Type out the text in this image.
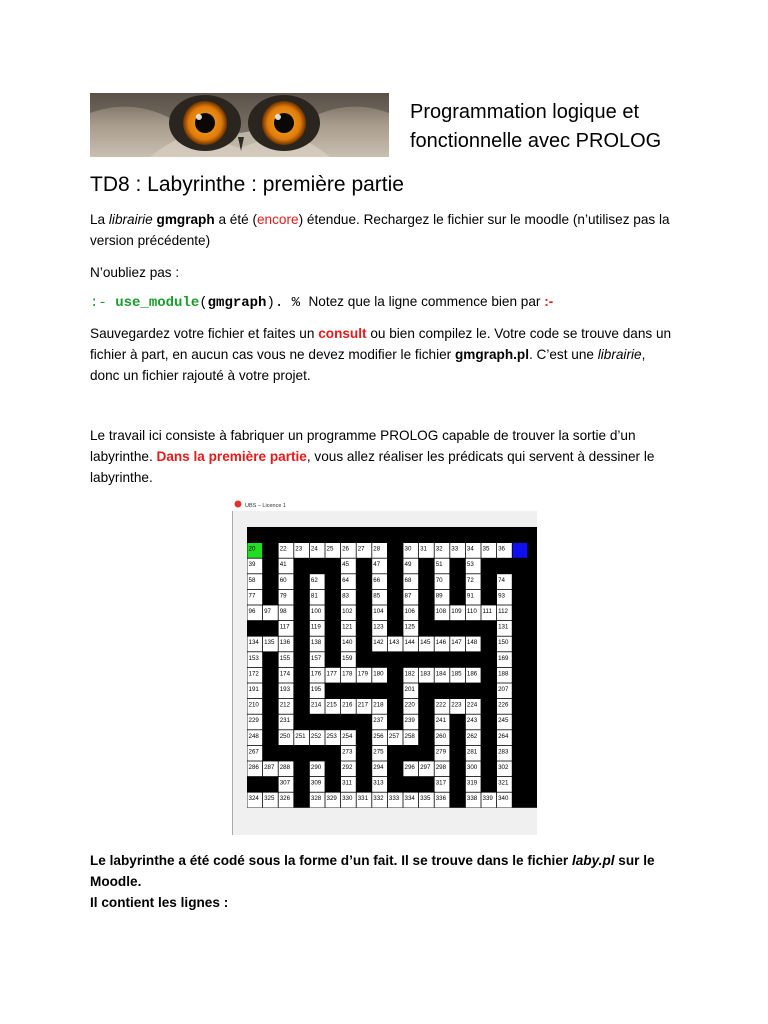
Programmation logique et
fonctionnelle avec PROLOG
TD8 : Labyrinthe : première partie
La librairie gmgraph a été (encore) étendue. Rechargez le fichier sur le moodle (n’utilisez pas la
version précédente)
N’oubliez pas :
:- use_module(gmgraph). % Notez que la ligne commence bien par :-
Sauvegardez votre fichier et faites un consult ou bien compilez le. Votre code se trouve dans un
fichier à part, en aucun cas vous ne devez modifier le fichier gmgraph.pl. C’est une librairie,
donc un fichier rajouté à votre projet.
Le travail ici consiste à fabriquer un programme PROLOG capable de trouver la sortie d’un
labyrinthe. Dans la première partie, vous allez réaliser les prédicats qui servent à dessiner le
labyrinthe.
UBS – Licence 1
20	22 23 24 25 26 27 28	30 31 32 33 34 35 36
39	41	45	47	49	51	53
58	60	62	64	66	68	70	72	74
77	79	81	83	85	87	89	91	93
96 97 98	100	102	104	106	108 109 110 111 112
117	119	121	123	125	131
134 135 136	138	140	142 143 144 145 146 147 148	150
153	155	157	159	169
172	174	176 177 178 179 180	182 183 184 185 186	188
191	193	195	201	207
210	212	214 215 216 217 218	220	222 223 224	226
229	231	237	239	241	243	245
248	250 251 252 253 254	256 257 258	260	262	264
267	273	275	279	281	283
286 287 288	290	292	294	296 297 298	300	302
307	309	311	313	317	319	321
324 325 326	328 329 330 331 332 333 334 335 336	338 339 340
Le labyrinthe a été codé sous la forme d’un fait. Il se trouve dans le fichier laby.pl sur le Moodle.
Il contient les lignes :
